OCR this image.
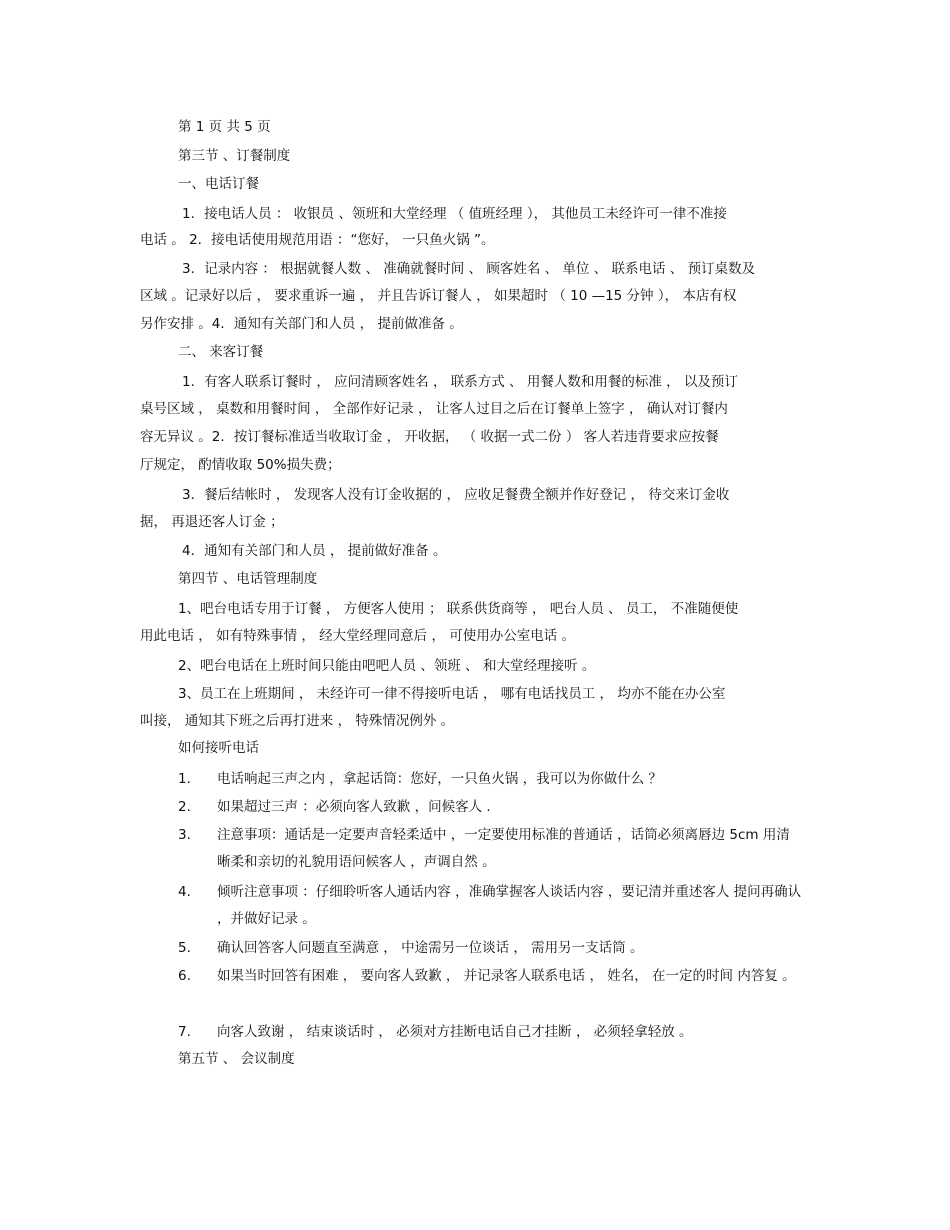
第 1 页 共 5 页
第三节 、订餐制度
一、电话订餐
1．接电话人员 ： 收银员 、领班和大堂经理 （ 值班经理 ）， 其他员工未经许可一律不准接
电话 。 2．接电话使用规范用语 ：“您好， 一只鱼火锅 ”。
3．记录内容 ： 根据就餐人数 、 准确就餐时间 、 顾客姓名 、 单位 、 联系电话 、 预订桌数及
区域 。记录好以后 ， 要求重诉一遍 ， 并且告诉订餐人 ， 如果超时 （ 10 —15 分钟 ）， 本店有权
另作安排 。4．通知有关部门和人员 ， 提前做准备 。
二、 来客订餐
1．有客人联系订餐时 ， 应问清顾客姓名 ， 联系方式 、 用餐人数和用餐的标准 ， 以及预订
桌号区域 ， 桌数和用餐时间 ， 全部作好记录 ， 让客人过目之后在订餐单上签字 ， 确认对订餐内
容无异议 。2．按订餐标准适当收取订金 ， 开收据， （ 收据一式二份 ） 客人若违背要求应按餐
厅规定， 酌情收取 50%损失费；
3．餐后结帐时 ， 发现客人没有订金收据的 ， 应收足餐费全额并作好登记 ， 待交来订金收
据， 再退还客人订金 ；
4．通知有关部门和人员 ， 提前做好准备 。
第四节 、电话管理制度
1、吧台电话专用于订餐 ， 方便客人使用 ； 联系供货商等 ， 吧台人员 、 员工， 不准随便使
用此电话 ， 如有特殊事情 ， 经大堂经理同意后 ， 可使用办公室电话 。
2、吧台电话在上班时间只能由吧吧人员 、领班 、 和大堂经理接听 。
3、员工在上班期间 ， 未经许可一律不得接听电话 ， 哪有电话找员工 ， 均亦不能在办公室
叫接， 通知其下班之后再打进来 ， 特殊情况例外 。
如何接听电话
1.	电话响起三声之内 ，拿起话筒：您好，一只鱼火锅 ，我可以为你做什么 ？
2.	如果超过三声 ：必须向客人致歉 ，问候客人 .
3.	注意事项：通话是一定要声音轻柔适中 ，一定要使用标准的普通话 ，话筒必须离唇边 5cm 用清晰柔和亲切的礼貌用语问候客人 ，声调自然 。
4.	倾听注意事项 ：仔细聆听客人通话内容 ，准确掌握客人谈话内容 ，要记清并重述客人 提问再确认 ，并做好记录 。
5.	确认回答客人问题直至满意 ， 中途需另一位谈话 ， 需用另一支话筒 。
6.	如果当时回答有困难 ， 要向客人致歉 ， 并记录客人联系电话 ， 姓名， 在一定的时间 内答复 。
7.	向客人致谢 ， 结束谈话时 ， 必须对方挂断电话自己才挂断 ， 必须轻拿轻放 。
第五节 、 会议制度
